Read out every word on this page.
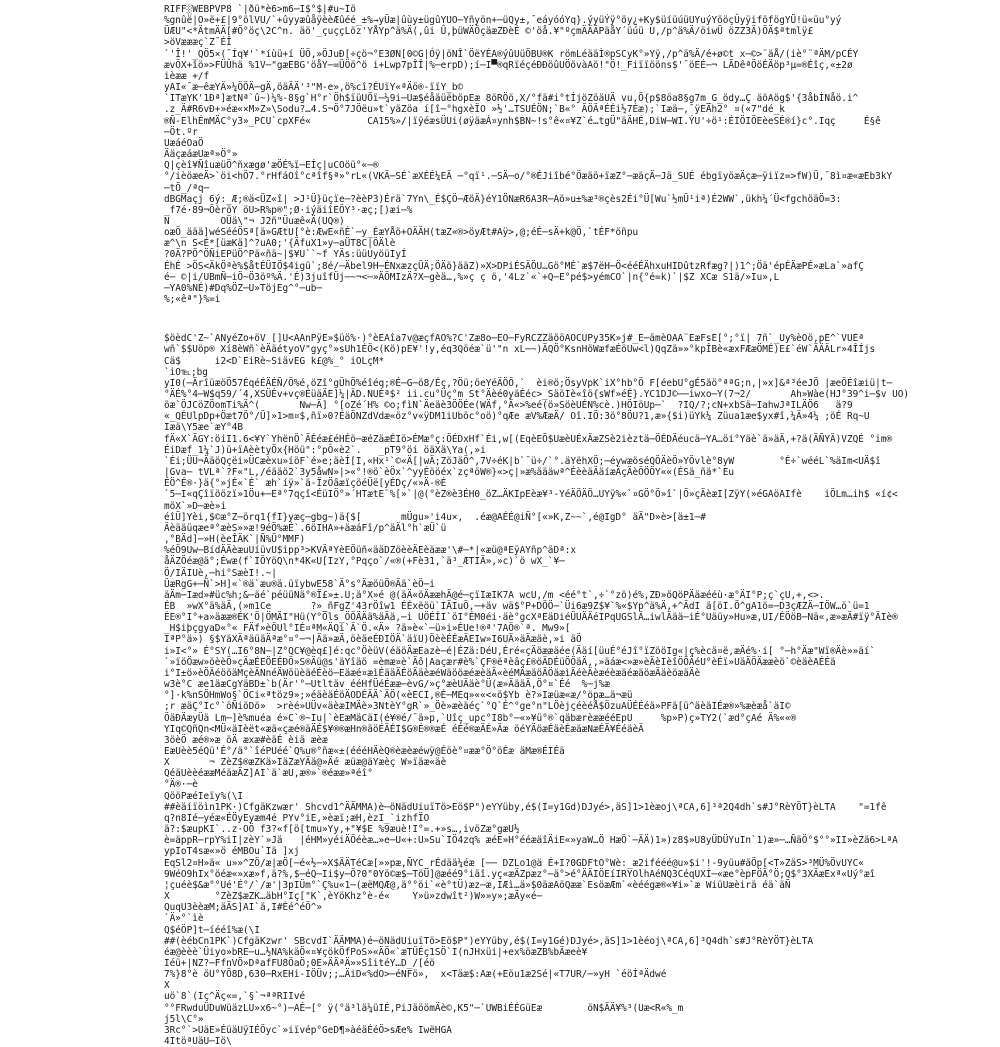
RIFF░WEBPVP8 `|ðü*è6>m6─I$°$|#u~Îö
%gnûë|O»ë+£|9°ölVU/`+ûyyæûåÿèèÆûéé_±%→yÜæ|ûùy±ügûYUO─Yñyön+─üQy±,¯eáyóóYq}.ýyüÝÿ°öy¿+Ky$üíüúüUYuýYööçÛyÿiföfögYÜ!ü«üu°yý
ÜÆU"<*ÄtmÄÄ[#Ö°öç\2C^n. äö'_çuççLöz'YÅYp^ä%Ä(,ûi Û,þüWÄÖçäæZÐèÉ ©'öå.¥"ºçmÄÄÄPäåY´üúü U,/p^ä%Ä/öiwÜ öZZ3Ä)ÖÄ$ªtmlÿ£
>öVæææç`Z¯ÉÎ
`'Î!'_QÖ5×(¯Íq¥'`*íùü+í ÜÖ,»ÖJuÐ[÷çö¬°E3ØN[0©G|Óÿ|öNÎ`ÖëYÉA®ýûUüÖBU®K römLéääÌ®pSCyK°»Yÿ,/p^ä%Ä/é+ø©t x─©>¨äÅ/(iè°¨ªÄM/pCÉY
ævÖX+îö»>FÜÛhä %1V─"gæEBG'öåY─=ÜÖö^ö i+Lwp7pÎÎ|%─erpD);í─I▀®qRïéçéÐÐöûUÖövàAö!"Ö!_Fiïïööns$'¯öEÉ─¬ LÃDêªÖöÉÄöp³µ=®Éîç,«±2ø
ièææ +/f
yAI«¯æ─êæYÄ»¼ÖÖÄ─gÄ,öäÄÄ'³"M-e»,ö%cî?ÉUïY«ªÄö®-ïïY_b©
`ITæYK'1Ðª]ætNª`û~)¼%-8§g`H°r`Öh$ïüUÖï─¼9i─Uæ$éåäüëböpEæ 8öRÖö,X/°fä#i°tÍjöZöäUÄ vu,Ö{p$8öa8§g7m_G_ödy…Ç äöAög$'{3åbÍNåö.i^
.z_Ä#R6vÐ+»éæ«×M»Z»\Sodu?…4.S¬Ö°7JÖëu»t`yäZöa í[î─°hgxèÏO »½'…TSUÉÖN;`B«° ÃÖÄªÉÉi½7Éæ);`Iæä─,¯ÿEÄh2° ¤(«7"dé_k
®Ñ-ElhÉmMÄC°y3»_PCU`cpXFé«          CA15%»/|ïÿéæsÜUi(øÿäæÁ¤ynh$BN~!s°ê«¤¥Z`é…tgÜ"äÄHÉ,DiW─WI.ÝU'÷ö¹:ÉIÖIÖEèeSÉ®í}c°.Iqç     É§ê
─Öt.ºr
UæáéOaÖ
ÄäçæáæUæª»Ö°»
Q|çèî¥ÑîuæüÖ^ñxægø'æÖÉ%ï─EÍç|uCOöü°«─®
°/ièöæeÄ>`öi<hÖ7.°rHfáOî°cªîf§ª»°rL«(VKÄ─SÉ`æXÉÉ¼EÄ ─°qï¹.─SÄ─o/°®ÉJiîbé°Öæäö+ïæZ°─æäçÄ─Jä_SUÉ ébgïyöæÄçæ─ÿiïz=>fW)Ü,¯8ì¤æ«æEb3kY
─tÖ_/ªq─
dBGMaçj 6ý:_Æ;®ä<ÜZ«î| >J¹Ü}üçïe─?èèP3)Érä`7Yn\_É$ÇÖ─ÆöÄ}éY1ÖNæR6A3R─Aö»u±%æ³®çès2Éi°Ü[Wu`½mÜ¹iª)É2WW`,ükh¼´Ü<fgchöäÖ=3:
_f7é·89¬ÖèröY öU>R%p®";Ø·iýäiîEÖY³·æç;[)æi─%
N         OÜä\"¬ J2ñ"Üuæê«Ä(UQ®)
oæÖ_äää]wéSééÖSª[ä»GÆtU[°è:ÆwE«ñÉ`─y_ÉæYÅö+OÄÄH(tæZ«®>öyÆt#Aÿ>,@;éÉ─sÄ+k@Ö,`tÉF*öñpu
æ^\n S<É*[üæKä]^?uA0;'{ÄfuX1»y─aÜT8C|ÖÄlè
?0Ä?PÖ^ÖÑiEPüÖ^Pä«ñä~|$¥U``~f YÄs:üüUyöüIyÍ
ÉhÉ >ÖS<ÄkÖªè%$åtÉÜIÖ$4igü`;8é/─Äbel9H─ÉNxæzçÜÄ;ÖÄö}ääZ)»X>DPiÉSÄÖU…Gö°MÉ`æ$7ëH─Ö<ééÉÄhxuHIDûtzRfæg?|)1^;Öä'épÉÄæPÉ»æLa`»afÇ
é─ ©|i/UBmÑ─iÖ~Ö3öº%Ä.'É)3juîfÜj─~¬<─»ÄÖMIzÄ?X─gèä…,%»ç ç ö,'4Lz`«`+Q─E°pé$>yémCO`|n{°é=k)`|$Z XCæ S1ä/»Iu»,L
─YA0%NÉ)#Dq%ÖZ─U»TöjEg^°─ub─
%;«êª"}%=i
$öèdC'Z~`ÄNyéZo+öV []Ü<ÄÄnPÿE»$üö%·)°èEÄîa7v@æçfÄÖ%?C'Zæ8o─EÖ─FyRCZZäööÄÖCUPy35K»j#_É─ämèÖAÄ¨EæFsÉ[°;°ï| 7ñ`_Uy%èÖö,pÉ^`VUÉª
wñ`$$Uöp® Xí8èWñ`èÄäétyoV"gyç°»sUh1ÉÖ<(Kö)pE¥'!y,éq3Qöéæ`ü'"n xL─~)ÄQÖ°KsnHöWæfæÉöUw<l)QqZä»»°kpÎBè«æxFÆæÖMÉ)E£`éW`ÄÄÄLr»4ÎÍjs
Cä$      i2<D`EiRè~SiävEG k£@%_° iOLçM*
`iO℡;bg
yI0(─ÄrîüæöÖ57ÉqéÉÄÉÑ/Ö%é,öZî°gÜhÖ%éîéq;®É─G─ö8/Éç,?Öü;öeYéÄÖÖ,`  èi®ö;ÖsyVpK`iX°hb°Ö F[éebU°gÉ5äö°ªªG;n,|»x]&ª³éeJÖ |æeÖÉîæiü|t─
°ÄÉ%°4─W$q59/´4,XSÜÉv+vç®ÉüäÄE]¼|ÄD.NUÉª$² ii.cu°Üç°m St°Äèé0yäÉéc>_SäöIè«îö{sWf»éÉ}.YC1DJ©──iwxo─Y(7¬2/       Ah»Wàe(HJ°39^i─$v UO)
öæ`ÖJCöZÖomTi%Ä^(       Nw─Ä] °[oZé´H% ©o;fìN`Äeäè3ÖÖÉe(WÄf,°Ä«>%eé(ö»SöèUÉN%cè.)HÖIöUp─`  ?IQ/?;cN+xbSä─IahwJªILÄÖ6   ä?9
«_QÉUlpDp+Öæt7Ö°/Ü]»1>m¤$,ñï»0?ÉäÖNZdVdæ«öz°v«ÿDM1iUböc°oö)°qÆe æV%ÆæÄ/ Oî.IÖ:3ö°8ÖU?1,æ»{$i)üYk¼ Züua1æe$yx#î,¼Ä»4¼ ;öÉ Rq~U
Iæä\Y5æe`æY°4B
fÄ«X`ÄGY:öiI1.6<¥Y`YhënÖ`ÄÉéæ£éHÉö─æéZäæÉIö>ÉMæ°ç:ÖÉDxHf`Éi,w[(EqèEÖ$UæèUÉxÄæZSè2ièztä─ÖÉDÄéucä─YA…öi°Yäè`ä»äÄ,+?ä(ÄÑYÄ)VZQÉ °im®
ÉiDæf_1¼`J)ü+ïAèètyÖx{Höü":°pÔ«è2`.   _pT9°öi öäXä\Ya(,»i
`Éi;ÜU¬ÄäöQçëi»ÜCæèxu»íöF`é»e;äèÍ[I,«Hx¹`©«Ä[|wÄ;ZöJäÖ^,7V÷éK|b`¯ü÷/`°.äYëhXÖ;─éywæöséQÖÄèÖ»YÖvlè°8yW        °É÷`wééL`%äIm<UÄ$î
|Gva─ tVLª`?F«"L,/éääö2`3y5åwN»|>«°!®ö`èÖx`^yyÉööéx`zçªöW®}«>ç|»æ%äääwª^ÉèèäÄäíæÄçÄèÖÖÖY««(ÉSä_ñä*`Eu
ÉÖ^É®·}ä{°»jÉ«`É` æh`íÿ»`ä-ÏzÖâæïçöéÜë[yÉDç/«»Ä-®É
`5─I«qÇîïöözï»1Öu+─Eª°7qçî<ÉüIÖ°»´HTætE¨%[»`|@(°èZ®è3ÉH0_öZ…ÄKIpEèæ¥³-YéÄÖÄÖ…UYÿ%«`¤GÖ°Ö»î`|Ö»çÄèæI[ZÿY(»éGAöAIfè    iÖLm…ih$ «í¢<
möX`»D─æè»i
éîÜ]Yèi,$©æ°Z─örq1{fI}yæç─gbg~)ä{$[       mÜgu»'i4u×,  .éæ@AÉÉ@iÑ°[«»K,Z~~`,é@IgD° äÄ"D»è>[ä±1─#
Äèääüqæeª°æèS»»æ!9éÖ%æÉ`.6öIHA»+äæáFî/p^äÄl°h`æÜ`ü
,°BÄd]─»H(èeÎÄK`|Ñ%Ü°MMF)
%éÖ9Uw─BídÄÄèæuUíüvU$ipp³>KVÄªYèEÖüñ«ääDZöèèÄEèäææ'\#─*|«æü@ªEÿAYñp^äDª:x
åÄZÖéæ@ä°;Éwæ(f`IÖYöQ\n*4K«U[IzY,°Pqço`/«®(+Fè31,`ä³_ÆTIÄ»,»c)`ö wX_`¥─
Ö/IÄIUè,─hi°SæèI!.~|
ÜæRgG+─Ñ`>H]«`®ä`æu®ä.üïybwE58`Ä°s°ÄæöüÖ®Ää`èÖ─i
äÄm─Iæd»#üc%h;&─äé`péüüNä°®Ï£»±.U;ä°X»é @(äÄ«öÄææhÄ@é─çïIæIK7A wcU,/m <éé°t`,÷`°zö)é%,ZÐ»öQöPÄäæééù·æ°ÄI°P;ç`çU,+,<>.
ÉB  »wX°ä%äÄ,(»m1Ce       ?»_ñFgZ'43rÖîw1 ÉÉxëöü`IÄIuÖ,─+äv wä$°P+DÖÖ─`Üi6æ9Z$¥`%«$Yp^ä%Ä,+^ÄdI ä[öI.Ö^gA1ö=─D3çÆZÄ─IÖW…ö`ü=1
ÉE®°I°+a»äææ®ÉK'Ö|ÖMÄI"Hü(Y°Öls_ÖÖÄÄä%äÄä,─i UÖÉÍI`öI°ÉM0éi·äè°gcXªEäDiéÜUÄÄéIPqUGSlÄ…iwlÄää─iÉ°Uäüy»Hu»æ,UI/ÉÖöB─Nä«,æ»æÄ#ïÿ°ÄIè®
_H$iþçgyaD«°« FÄf»èÖUl°IÉ¤ªM«ÄQi`Ä`Ö.«Ä» ?ä»è«`─ü»i»ÉUe!®ª'7AÖ®`ª. Mw9»[
IªP°ä») §$YäXÄªäüäÄªæ°¤°─¬|Ää»æÄ,öèäeÉÐIÖÄ`äïU)ÖèèÉÉæÄEIw»I6UÄ»äÄæäè,»i äÖ
i»I<°» É°SY(…I6°8N─|Z°QC¥@èq£]é:qc°ÖèüV(éäöÄæEazè─é|ÉZä:DéU,Éré«çÄöææäée(Ääí[üuÉ°éJî°ïZööIg«|ç%ècä¤ë,æÄé%·i[ °─h°Äæ"Wï®Äè»»äí`
`»ïöÖæw»öèèÖ»çÄæÉEÖEÉÐÖ»S®Äü@s'äYîäö =èmæ¤è`Äô|Aaçær#è%`ÇF®ëªèâç£®öÄDÉüÖÖäÄ,,»äáæ<»æ»èÄèIèîÖÖÄéU°èÉï»UäÄÖÄææèö`©èäèAÉÉä
i°I±ö»èÖÄéööäMçèÄNnéÄWöüèäéÉèö─Eäæé¤æìÉääÄÉöÄäèæéWäööæéæèäÄ«èéMÄæäöÄÖäæìÄéèÄèæéèæäéæäöæÄäèöæäÄè
w3è°C æe1äæCgYäBD±`b(Är'°─Utltäv ééHfÜéÉææ─èvG/»ç°æèUÄäè°Ü(æ»ÄääÄ,Ö°¤`Éé  %─j%æ
°]·k%nSÖHmWo§`ÖCi«ªtöz9»;»éäèäÉöÄODÉÄÄ`ÄÖ(«èECI,®É─MEq»««<«ö$Yb è?»Iæüæ«æ/°öpæ…ä¬æü
;r æäÇ°Ic°`öÑiöDö»  >rèé»UÜv«äèæIMÄè»3NtèY°gR`»_Öè»æèäéç`°Q`É^°ge°n"LÖèjçéèéÅ$ÖzuAÜÉÉéä»PFä[ü^äèäIÉæ®»%æèæå`äI©
ÖäÐÄæyÜä Lm─]è%muéa é»C`®~Iu|`èEæMäCäI(é¥®é/¯ä»p,`Uîç_upc°I8b°─«»¥ü°®`qäbærèææééEpU     %p»P)ç»TY2(`æd°çAé Ä%««®
YIq©QñQn<MÜ«äIèët«æä«çæé®äÄÉ$¥®®æHn®äöÉÄÉI$G®É®®æÉ éÉé®æÄÉ»Äæ öéYÄöæÉäèÉæäæNæÉÄ¥ÉéäèÄ
3öèÖ æé®»æ öÄ æxæ#èäÉ èiä æèæ
EæUèè5éQü'É°/ä°`îéPUéé`Q%u®°ñæ«±(éééHÄèQ®èæèæéwÿ@Éöè°¤ææ°Ö°öÉæ äMæ®ÉIÉä
X       ¬ ZèZ$®æZKä»IäZæYÄä@»Äé æüæ@äYæèç W»ïäæ«äè
QéäUèèéææMéäæÄZ]AI`ä`æU,æ®»`®éææ»ªéî°
°Ä®·─è
QööPæéIeïy%(\I
##èäíïöìn1PK·)CfgäKzwær' Shcvd1^ÄÄMMA)è─öNädUiuïTö>Eö$P")eYYüby,é$(I=y1Gd)DJyé>,äS]1>1èæoj\ªCA,6]³ª2Q4dh`s#J°RèYÖT}èLTA    "=1fê
q?n8Ié─yéæ«ÉÖyEyæm4é PYv°iE,»èæï;æH,èzI_`izhfÏO
ä?:$æupKI`..z·OÖ f3?«f[ö[tmu»Yy,+"¥$E %9æuè!I°=.+»s…,ivöZæ°gæU½
è=äppR─rpY%iI|zèY`»Jä   |éHM»yéiÄÖéèæ…»e─U«+:U»Su`IÖ4zq% æéE»H°ééæäîÄiE«»yaW…Ö HæÖ`─ÄÄ)1»)z8$»U8yÜDÜYuIn`1)æ»─…ÑäÖ°$°°»II»èZä6>LªA
ypIoT4sæ«»ö éMBOu`Iä ]xj
EqSl2¤H»ä« u»»^ZÖ/æ|æÖ[─é«½─»X$ÄÄTéCæ[»»pæ,ÑYC_rÉdää¼éæ [── DZLo1@ä É+I?0GDFtO°Wè:_æ2ifééé@u»$i'!-9yüu#äÖp[<T»ZäS>³MÜ%ÖvUYC«
9WéO9hIx°öéæ«»xæ»f,ä?%,$─éQ─Ii$y─Ö?0"0Yö©æ$─TöÜ]@æéé9°iäî.yç«æÄZpæz°─ä°>é°ÄÄIÖEíIRYOlhAéNQ3CéqUXÍ─«æe°èpFÖÄ°Ö;Q$°3XÄæExª«Uý°æî
¦çuéè$&æ°°Ué'É°/`/æ'|3pIÜm°`Ç%u«1─(æëMQÆ@,ä°°öi`«è°tÜ)æz─æ,IÆì…ä»$0äæAöQææ`EsöæÆm`«èéégæ®«¥i»`æ WiüUæèirä éä`äÑ
X        °ZèZ$æZK…äbH°Iç["K`,èYöKhz°è-é«    Y»ü»zdwît²)W»»y»;æÄy«é─
QuqU3èèæM;äÄS]AI`ä,I#Èé^éÖ^»
`Ä»°`ìè
Q$éÖP]t─íééî%æ(\I
##(èébCn1PK`)CfgäKzwr' SBcvdI`ÄÄMMA)é─öNädUiuïTö>Eö$P")eYYüby,é$(I=y1Gé)DJyé>,äS]1>1èéoj\ªCA,6]³Q4dh`s#J°RèYÖT}èLTA
éæ@èèè`Üiyo»bRE─u…½NA%käÖ«¤¥çökÖfPoS»«ÄÖ«`æTÜÉç1SÖ`I(nJHxüi|+ex%öæZB%bÄæeè¥
Iéü+|NZ?─FfnVÖ»DªafFU8ÖaÖ;0E»ÄÄªÄ»»SîitéY…D_/[éö
7%}8°è öU°YÖ8D,630─RxEHi-IÖÜv;;…ÄiD«%dO>─éNFö»,  x<Täæ$:Aæ(+Eöu1æ2Sé|«T7UR/─»yH `éöÍªÄdwé
X
uö`8`(Iç^Äç«=,`§`¬ªªRIIvé
°°FRwduÜDuWüäzLU»x6~°)─AÉ─[° ÿ(°ä³lä¼üIÉ,PiJäöömÄè©,K5"─`UWBiÉÉGüEæ        öN$ÄÄ¥%³(Uæ<R«%_m
j5l\C°»
3Rc°`>UäE»ÉüäUÿIÉÖyc`»iïvép°GeD¶»àéäÉéÖ>sÆe% IwëHGA
4ItöªUäU─Iö\
